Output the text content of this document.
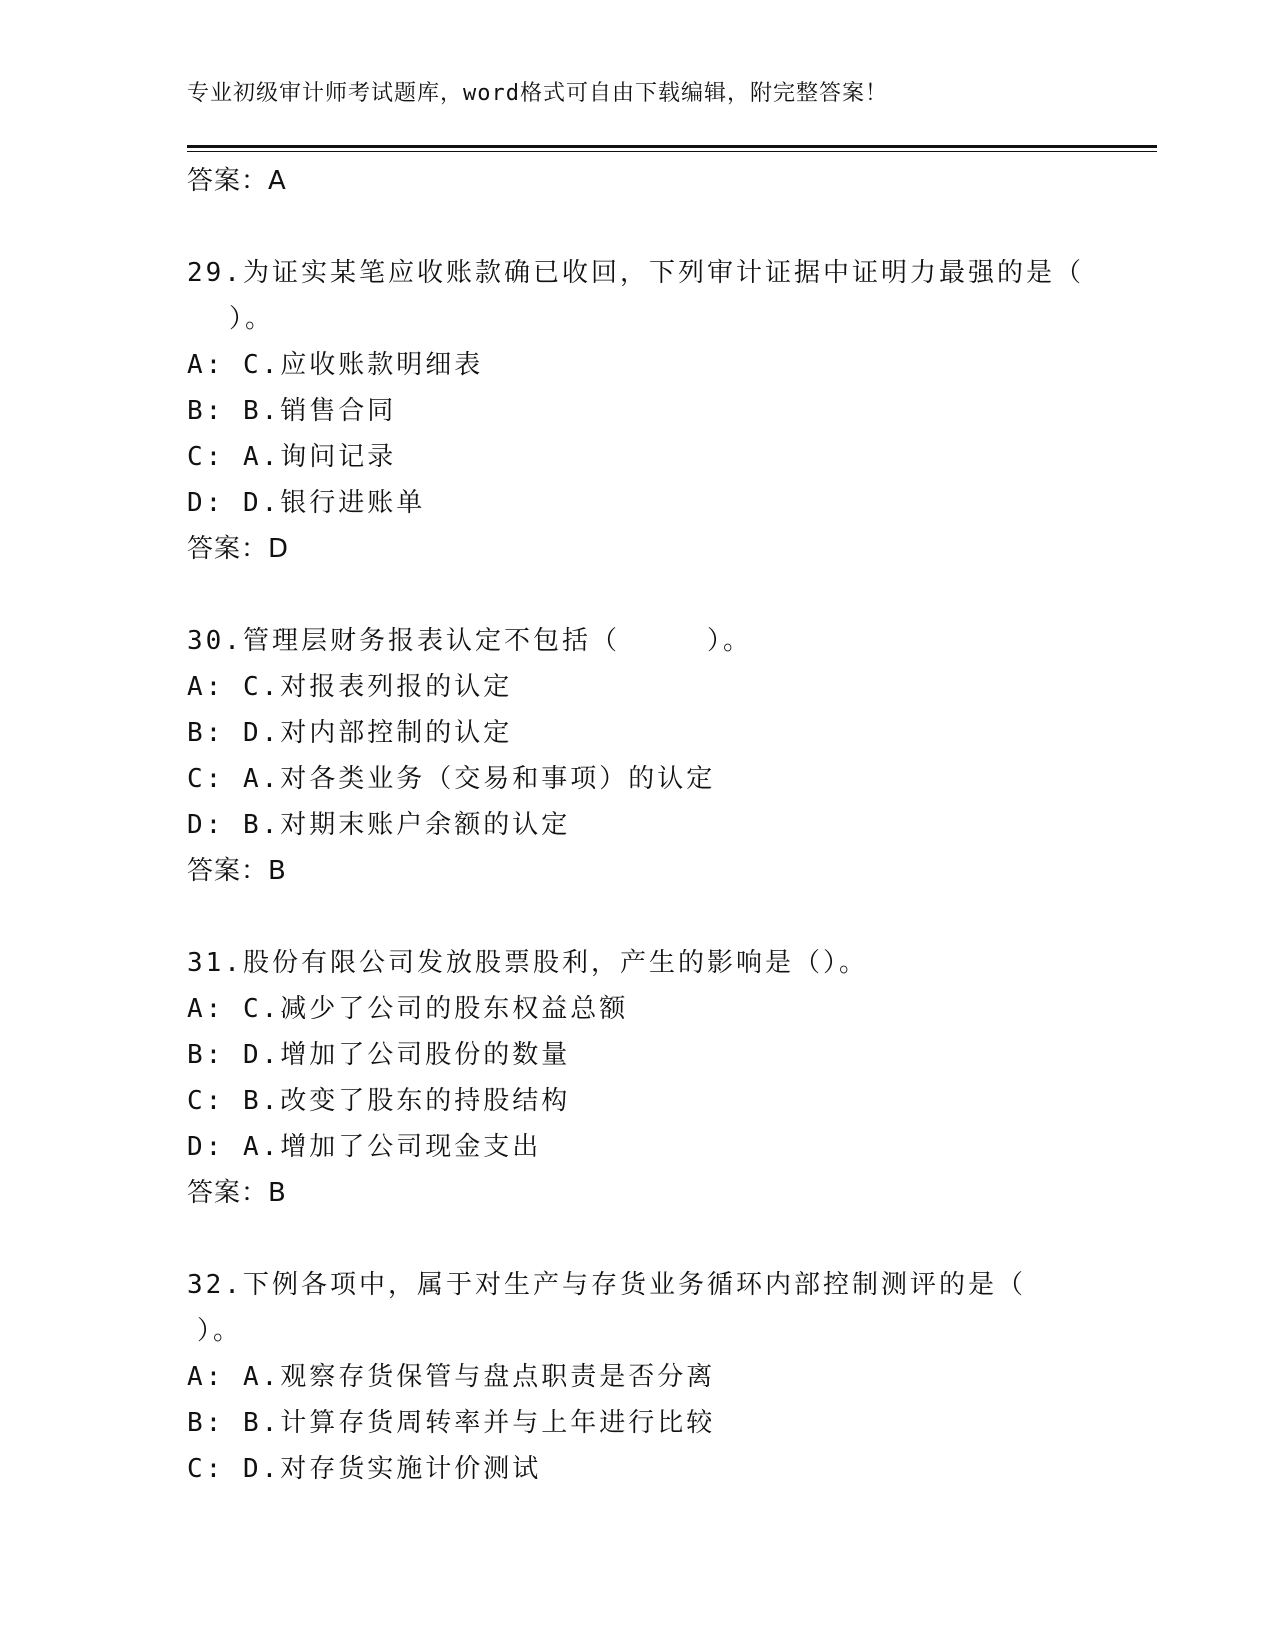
专业初级审计师考试题库，word格式可自由下载编辑，附完整答案！
答案：A
29.为证实某笔应收账款确已收回，下列审计证据中证明力最强的是（
）。
A: C.应收账款明细表
B: B.销售合同
C: A.询问记录
D: D.银行进账单
答案：D
30.管理层财务报表认定不包括（　　　）。
A: C.对报表列报的认定
B: D.对内部控制的认定
C: A.对各类业务（交易和事项）的认定
D: B.对期末账户余额的认定
答案：B
31.股份有限公司发放股票股利，产生的影响是（）。
A: C.减少了公司的股东权益总额
B: D.增加了公司股份的数量
C: B.改变了股东的持股结构
D: A.增加了公司现金支出
答案：B
32.下例各项中，属于对生产与存货业务循环内部控制测评的是（
）。
A: A.观察存货保管与盘点职责是否分离
B: B.计算存货周转率并与上年进行比较
C: D.对存货实施计价测试
